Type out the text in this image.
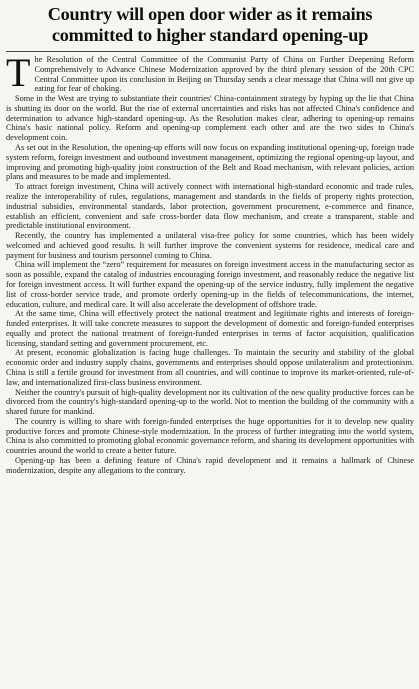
Country will open door wider as it remains committed to higher standard opening-up

The Resolution of the Central Committee of the Communist Party of China on Further Deepening Reform Comprehensively to Advance Chinese Modernization approved by the third plenary session of the 20th CPC Central Committee upon its conclusion in Beijing on Thursday sends a clear message that China will not give up eating for fear of choking.

Some in the West are trying to substantiate their countries' China-containment strategy by hyping up the lie that China is shutting its door on the world. But the rise of external uncertainties and risks has not affected China's confidence and determination to advance high-standard opening-up. As the Resolution makes clear, adhering to opening-up remains China's basic national policy. Reform and opening-up complement each other and are the two sides to China's development coin.

As set out in the Resolution, the opening-up efforts will now focus on expanding institutional opening-up, foreign trade system reform, foreign investment and outbound investment management, optimizing the regional opening-up layout, and improving and promoting high-quality joint construction of the Belt and Road mechanism, with relevant policies, action plans and measures to be made and implemented.

To attract foreign investment, China will actively connect with international high-standard economic and trade rules, realize the interoperability of rules, regulations, management and standards in the fields of property rights protection, industrial subsidies, environmental standards, labor protection, government procurement, e-commerce and finance, establish an efficient, convenient and safe cross-border data flow mechanism, and create a transparent, stable and predictable institutional environment.

Recently, the country has implemented a unilateral visa-free policy for some countries, which has been widely welcomed and achieved good results. It will further improve the convenient systems for residence, medical care and payment for business and tourism personnel coming to China.

China will implement the “zero” requirement for measures on foreign investment access in the manufacturing sector as soon as possible, expand the catalog of industries encouraging foreign investment, and reasonably reduce the negative list for foreign investment access. It will further expand the opening-up of the service industry, fully implement the negative list of cross-border service trade, and promote orderly opening-up in the fields of telecommunications, the internet, education, culture, and medical care. It will also accelerate the development of offshore trade.

At the same time, China will effectively protect the national treatment and legitimate rights and interests of foreign-funded enterprises. It will take concrete measures to support the development of domestic and foreign-funded enterprises equally and protect the national treatment of foreign-funded enterprises in terms of factor acquisition, qualification licensing, standard setting and government procurement, etc.

At present, economic globalization is facing huge challenges. To maintain the security and stability of the global economic order and industry supply chains, governments and enterprises should oppose unilateralism and protectionism. China is still a fertile ground for investment from all countries, and will continue to improve its market-oriented, rule-of-law, and internationalized first-class business environment.

Neither the country's pursuit of high-quality development nor its cultivation of the new quality productive forces can be divorced from the country's high-standard opening-up to the world. Not to mention the building of the community with a shared future for mankind.

The country is willing to share with foreign-funded enterprises the huge opportunities for it to develop new quality productive forces and promote Chinese-style modernization. In the process of further integrating into the world system, China is also committed to promoting global economic governance reform, and sharing its development opportunities with countries around the world to create a better future.

Opening-up has been a defining feature of China's rapid development and it remains a hallmark of Chinese modernization, despite any allegations to the contrary.
